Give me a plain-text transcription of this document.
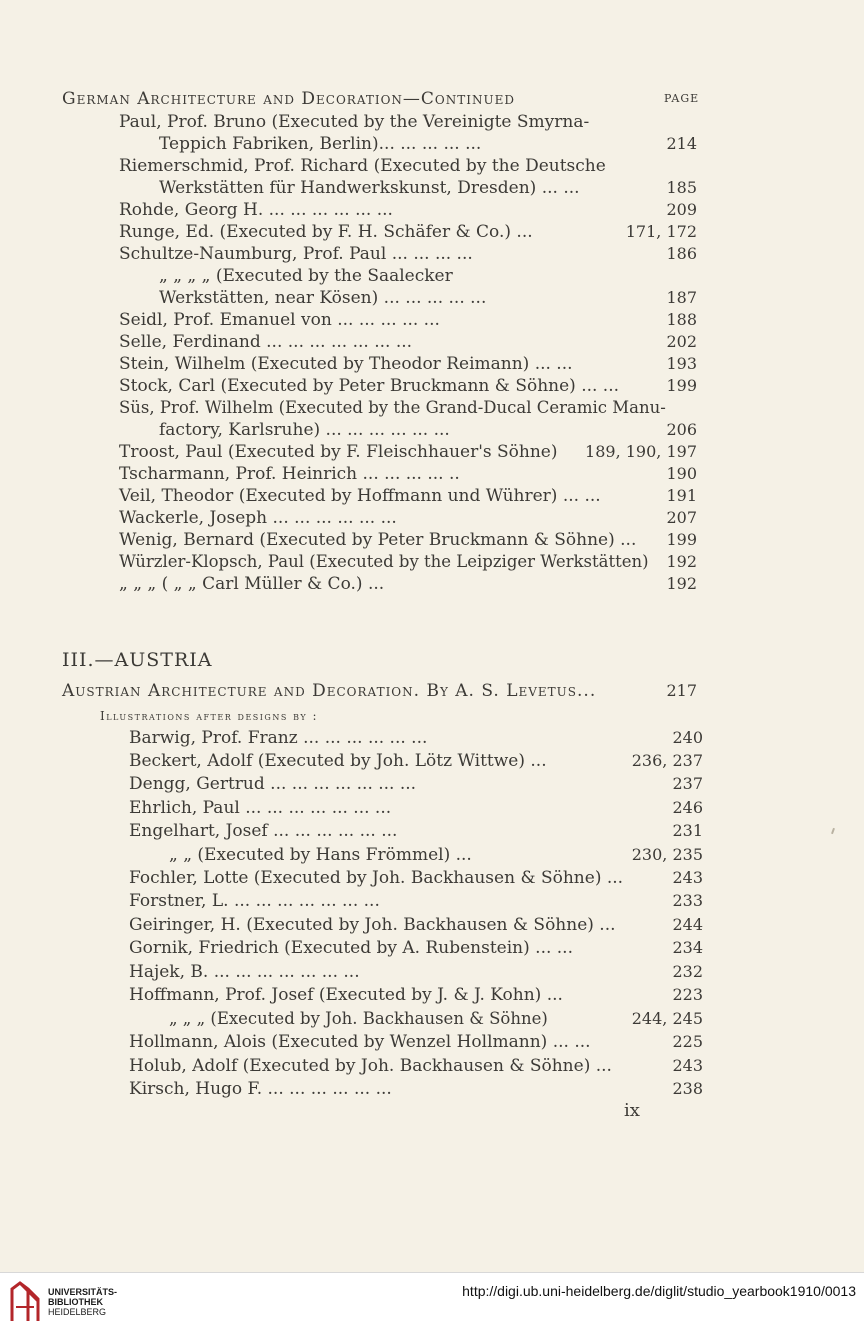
German Architecture and Decoration—Continued	PAGE
Paul, Prof. Bruno (Executed by the Vereinigte Smyrna-
Teppich Fabriken, Berlin)... ... ... ... ...	214
Riemerschmid, Prof. Richard (Executed by the Deutsche
Werkstätten für Handwerkskunst, Dresden) ... ...	185
Rohde, Georg H. ... ... ... ... ... ...	209
Runge, Ed. (Executed by F. H. Schäfer & Co.) ...	171, 172
Schultze-Naumburg, Prof. Paul ... ... ... ...	186
„ „ „ „ (Executed by the Saalecker
Werkstätten, near Kösen) ... ... ... ... ...	187
Seidl, Prof. Emanuel von ... ... ... ... ...	188
Selle, Ferdinand ... ... ... ... ... ... ...	202
Stein, Wilhelm (Executed by Theodor Reimann) ... ...	193
Stock, Carl (Executed by Peter Bruckmann & Söhne) ... ...	199
Süs, Prof. Wilhelm (Executed by the Grand-Ducal Ceramic Manu-
factory, Karlsruhe) ... ... ... ... ... ...	206
Troost, Paul (Executed by F. Fleischhauer's Söhne) 189, 190, 197
Tscharmann, Prof. Heinrich ... ... ... ... ..	190
Veil, Theodor (Executed by Hoffmann und Wührer) ... ...	191
Wackerle, Joseph ... ... ... ... ... ...	207
Wenig, Bernard (Executed by Peter Bruckmann & Söhne) ... 199
Würzler-Klopsch, Paul (Executed by the Leipziger Werkstätten) 192
„ „ „ ( „ „ Carl Müller & Co.) ...	192
III.—AUSTRIA
Austrian Architecture and Decoration. By A. S. Levetus...	217
Illustrations after designs by :
Barwig, Prof. Franz ... ... ... ... ... ...	240
Beckert, Adolf (Executed by Joh. Lötz Wittwe) ...	236, 237
Dengg, Gertrud ... ... ... ... ... ... ...	237
Ehrlich, Paul ... ... ... ... ... ... ...	246
Engelhart, Josef ... ... ... ... ... ...	231
„ „ (Executed by Hans Frömmel) ...	230, 235
Fochler, Lotte (Executed by Joh. Backhausen & Söhne) ...	243
Forstner, L. ... ... ... ... ... ... ...	233
Geiringer, H. (Executed by Joh. Backhausen & Söhne) ...	244
Gornik, Friedrich (Executed by A. Rubenstein) ... ...	234
Hajek, B. ... ... ... ... ... ... ...	232
Hoffmann, Prof. Josef (Executed by J. & J. Kohn) ...	223
„ „ „ (Executed by Joh. Backhausen & Söhne)	244, 245
Hollmann, Alois (Executed by Wenzel Hollmann) ... ...	225
Holub, Adolf (Executed by Joh. Backhausen & Söhne) ...	243
Kirsch, Hugo F. ... ... ... ... ... ...	238
ix
UNIVERSITÄTS-
BIBLIOTHEK
HEIDELBERG
http://digi.ub.uni-heidelberg.de/diglit/studio_yearbook1910/0013
